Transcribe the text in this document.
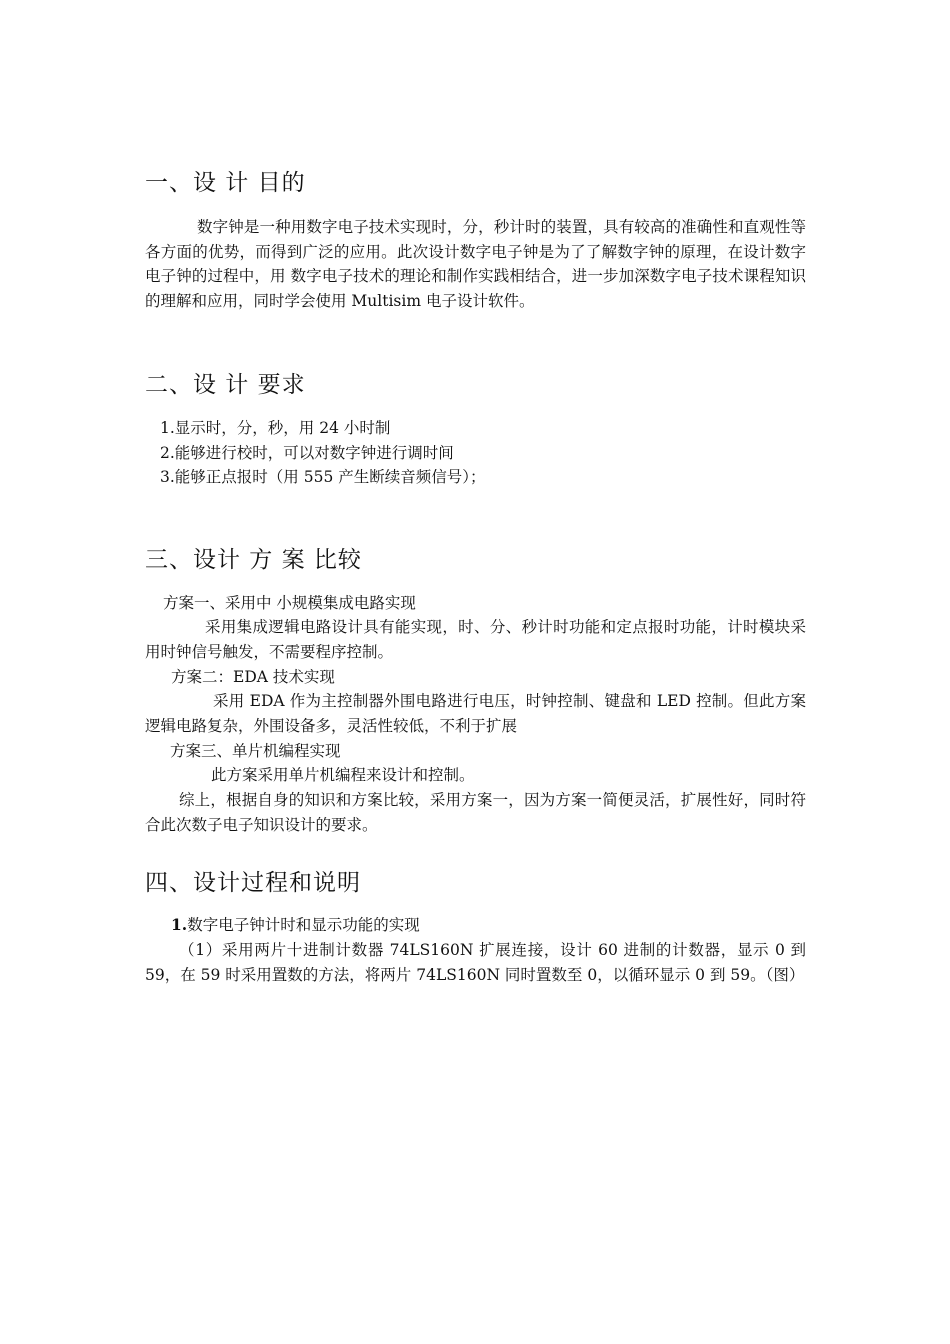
一、设 计 目的
数字钟是一种用数字电子技术实现时，分，秒计时的装置，具有较高的准确性和直观性等各方面的优势，而得到广泛的应用。此次设计数字电子钟是为了了解数字钟的原理，在设计数字电子钟的过程中，用 数字电子技术的理论和制作实践相结合，进一步加深数字电子技术课程知识的理解和应用，同时学会使用 Multisim 电子设计软件。
二、设 计 要求
1.显示时，分，秒，用 24 小时制
2.能够进行校时，可以对数字钟进行调时间
3.能够正点报时（用 555 产生断续音频信号）；
三、设计 方 案 比较
方案一、采用中 小规模集成电路实现
采用集成逻辑电路设计具有能实现，时、分、秒计时功能和定点报时功能，计时模块采用时钟信号触发，不需要程序控制。
方案二：EDA 技术实现
采用 EDA 作为主控制器外围电路进行电压，时钟控制、键盘和 LED 控制。但此方案逻辑电路复杂，外围设备多，灵活性较低，不利于扩展
方案三、单片机编程实现
此方案采用单片机编程来设计和控制。
综上，根据自身的知识和方案比较，采用方案一，因为方案一简便灵活，扩展性好，同时符合此次数子电子知识设计的要求。
四、设计过程和说明
1.数字电子钟计时和显示功能的实现
（1）采用两片十进制计数器 74LS160N 扩展连接，设计 60 进制的计数器，显示 0 到 59，在 59 时采用置数的方法，将两片 74LS160N 同时置数至 0，以循环显示 0 到 59。（图）
